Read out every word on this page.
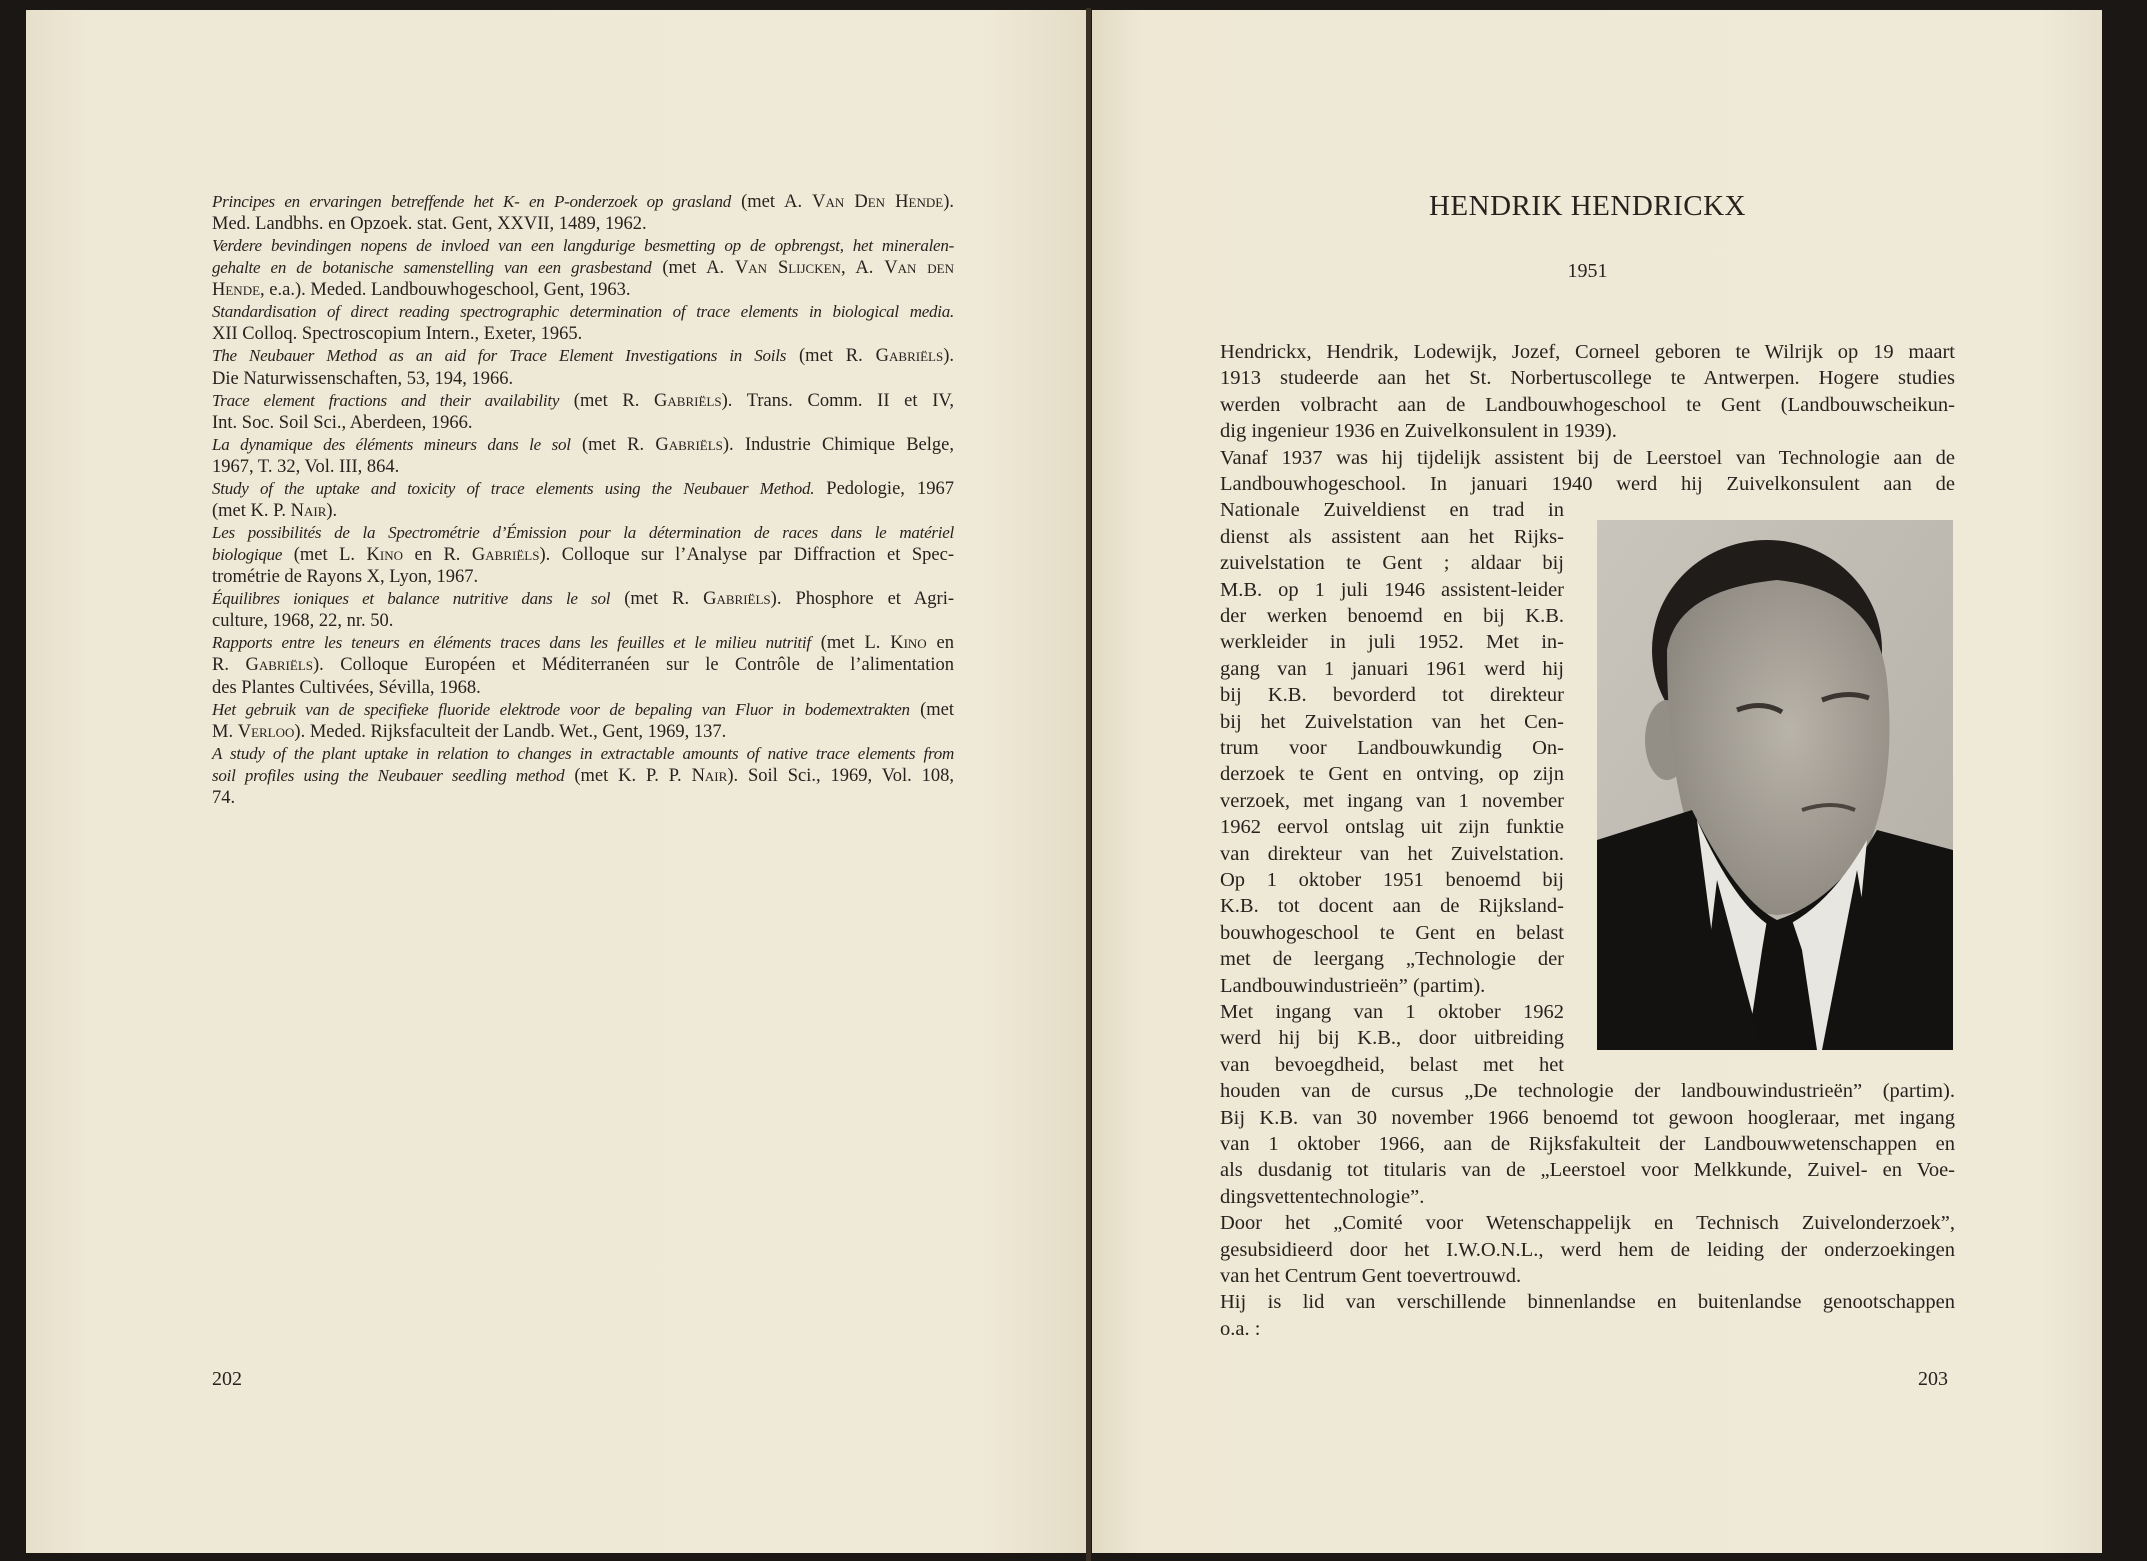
Principes en ervaringen betreffende het K- en P-onderzoek op grasland (met A. Van Den Hende).
Med. Landbhs. en Opzoek. stat. Gent, XXVII, 1489, 1962.
Verdere bevindingen nopens de invloed van een langdurige besmetting op de opbrengst, het mineralen-
gehalte en de botanische samenstelling van een grasbestand (met A. Van Slijcken, A. Van den
Hende, e.a.). Meded. Landbouwhogeschool, Gent, 1963.
Standardisation of direct reading spectrographic determination of trace elements in biological media.
XII Colloq. Spectroscopium Intern., Exeter, 1965.
The Neubauer Method as an aid for Trace Element Investigations in Soils (met R. Gabriëls).
Die Naturwissenschaften, 53, 194, 1966.
Trace element fractions and their availability (met R. Gabriëls). Trans. Comm. II et IV,
Int. Soc. Soil Sci., Aberdeen, 1966.
La dynamique des éléments mineurs dans le sol (met R. Gabriëls). Industrie Chimique Belge,
1967, T. 32, Vol. III, 864.
Study of the uptake and toxicity of trace elements using the Neubauer Method. Pedologie, 1967
(met K. P. Nair).
Les possibilités de la Spectrométrie d’Émission pour la détermination de races dans le matériel
biologique (met L. Kino en R. Gabriëls). Colloque sur l’Analyse par Diffraction et Spec-
trométrie de Rayons X, Lyon, 1967.
Équilibres ioniques et balance nutritive dans le sol (met R. Gabriëls). Phosphore et Agri-
culture, 1968, 22, nr. 50.
Rapports entre les teneurs en éléments traces dans les feuilles et le milieu nutritif (met L. Kino en
R. Gabriëls). Colloque Européen et Méditerranéen sur le Contrôle de l’alimentation
des Plantes Cultivées, Sévilla, 1968.
Het gebruik van de specifieke fluoride elektrode voor de bepaling van Fluor in bodemextrakten (met
M. Verloo). Meded. Rijksfaculteit der Landb. Wet., Gent, 1969, 137.
A study of the plant uptake in relation to changes in extractable amounts of native trace elements from
soil profiles using the Neubauer seedling method (met K. P. P. Nair). Soil Sci., 1969, Vol. 108,
74.
202
HENDRIK HENDRICKX
1951
Hendrickx, Hendrik, Lodewijk, Jozef, Corneel geboren te Wilrijk op 19 maart
1913 studeerde aan het St. Norbertuscollege te Antwerpen. Hogere studies
werden volbracht aan de Landbouwhogeschool te Gent (Landbouwscheikun-
dig ingenieur 1936 en Zuivelkonsulent in 1939).
Vanaf 1937 was hij tijdelijk assistent bij de Leerstoel van Technologie aan de
Landbouwhogeschool. In januari 1940 werd hij Zuivelkonsulent aan de
Nationale Zuiveldienst en trad in
dienst als assistent aan het Rijks-
zuivelstation te Gent ; aldaar bij
M.B. op 1 juli 1946 assistent-leider
der werken benoemd en bij K.B.
werkleider in juli 1952. Met in-
gang van 1 januari 1961 werd hij
bij K.B. bevorderd tot direkteur
bij het Zuivelstation van het Cen-
trum voor Landbouwkundig On-
derzoek te Gent en ontving, op zijn
verzoek, met ingang van 1 november
1962 eervol ontslag uit zijn funktie
van direkteur van het Zuivelstation.
Op 1 oktober 1951 benoemd bij
K.B. tot docent aan de Rijksland-
bouwhogeschool te Gent en belast
met de leergang „Technologie der
Landbouwindustrieën” (partim).
Met ingang van 1 oktober 1962
werd hij bij K.B., door uitbreiding
van bevoegdheid, belast met het
houden van de cursus „De technologie der landbouwindustrieën” (partim).
Bij K.B. van 30 november 1966 benoemd tot gewoon hoogleraar, met ingang
van 1 oktober 1966, aan de Rijksfakulteit der Landbouwwetenschappen en
als dusdanig tot titularis van de „Leerstoel voor Melkkunde, Zuivel- en Voe-
dingsvettentechnologie”.
Door het „Comité voor Wetenschappelijk en Technisch Zuivelonderzoek”,
gesubsidieerd door het I.W.O.N.L., werd hem de leiding der onderzoekingen
van het Centrum Gent toevertrouwd.
Hij is lid van verschillende binnenlandse en buitenlandse genootschappen
o.a. :
203
